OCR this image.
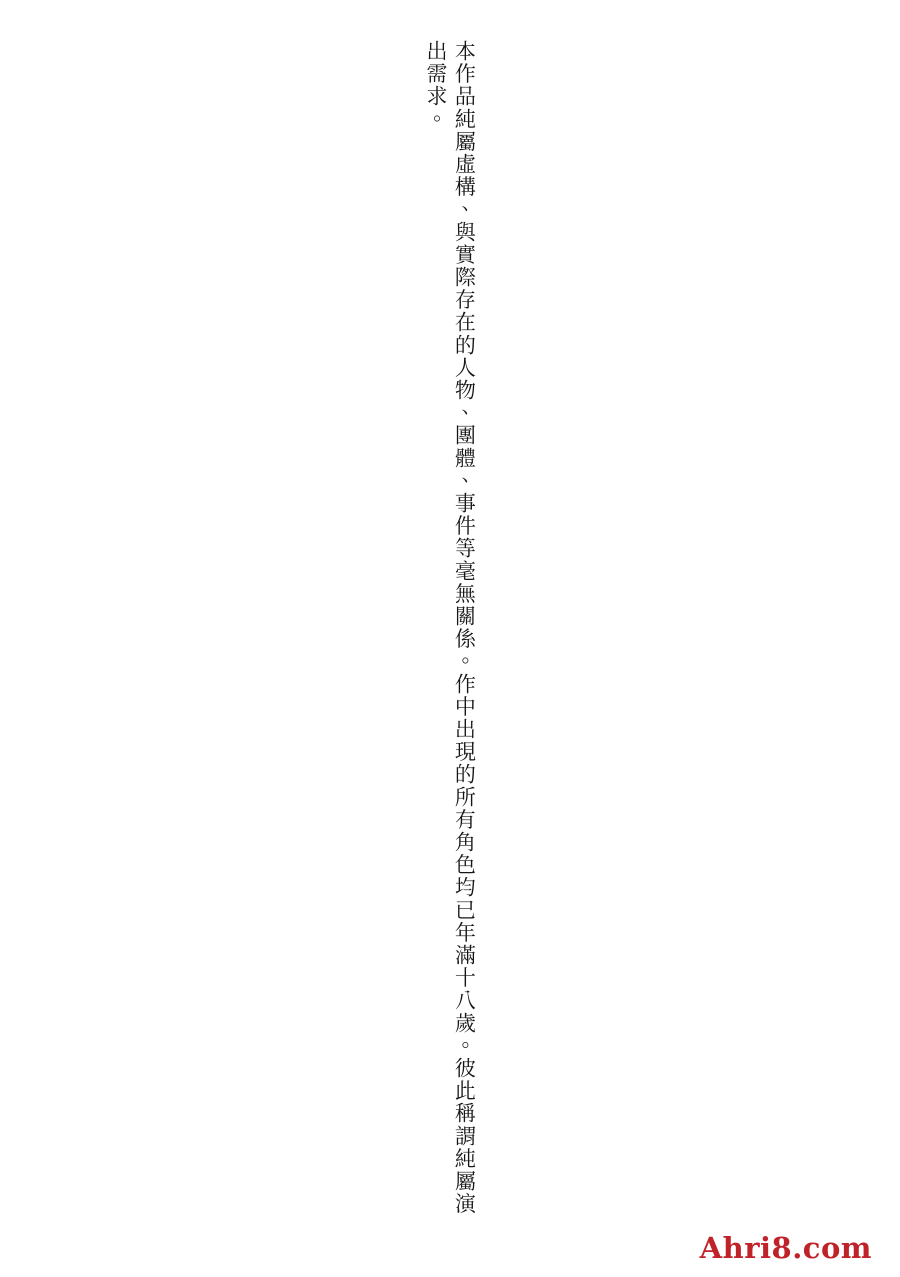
本作品純屬虛構、與實際存在的人物、團體、事件等毫無關係。作中出現的所有角色均已年滿十八歲。彼此稱謂純屬演出需求。
Ahri8.com
